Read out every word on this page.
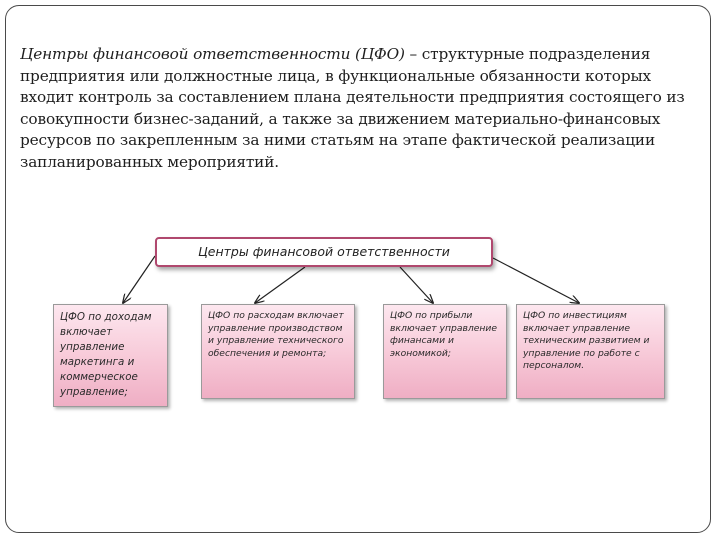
Центры финансовой ответственности (ЦФО) – структурные подразделения предприятия или должностные лица, в функциональные обязанности которых входит контроль за составлением плана деятельности предприятия состоящего из совокупности бизнес-заданий, а также за движением материально-финансовых ресурсов по закрепленным за ними статьям на этапе фактической реализации запланированных мероприятий.
Центры финансовой ответственности
ЦФО по доходам включает управление маркетинга и коммерческое управление;
ЦФО по расходам включает управление производством и управление технического обеспечения и ремонта;
ЦФО по прибыли включает управление финансами и экономикой;
ЦФО по инвестициям включает управление техническим развитием и управление по работе с персоналом.
